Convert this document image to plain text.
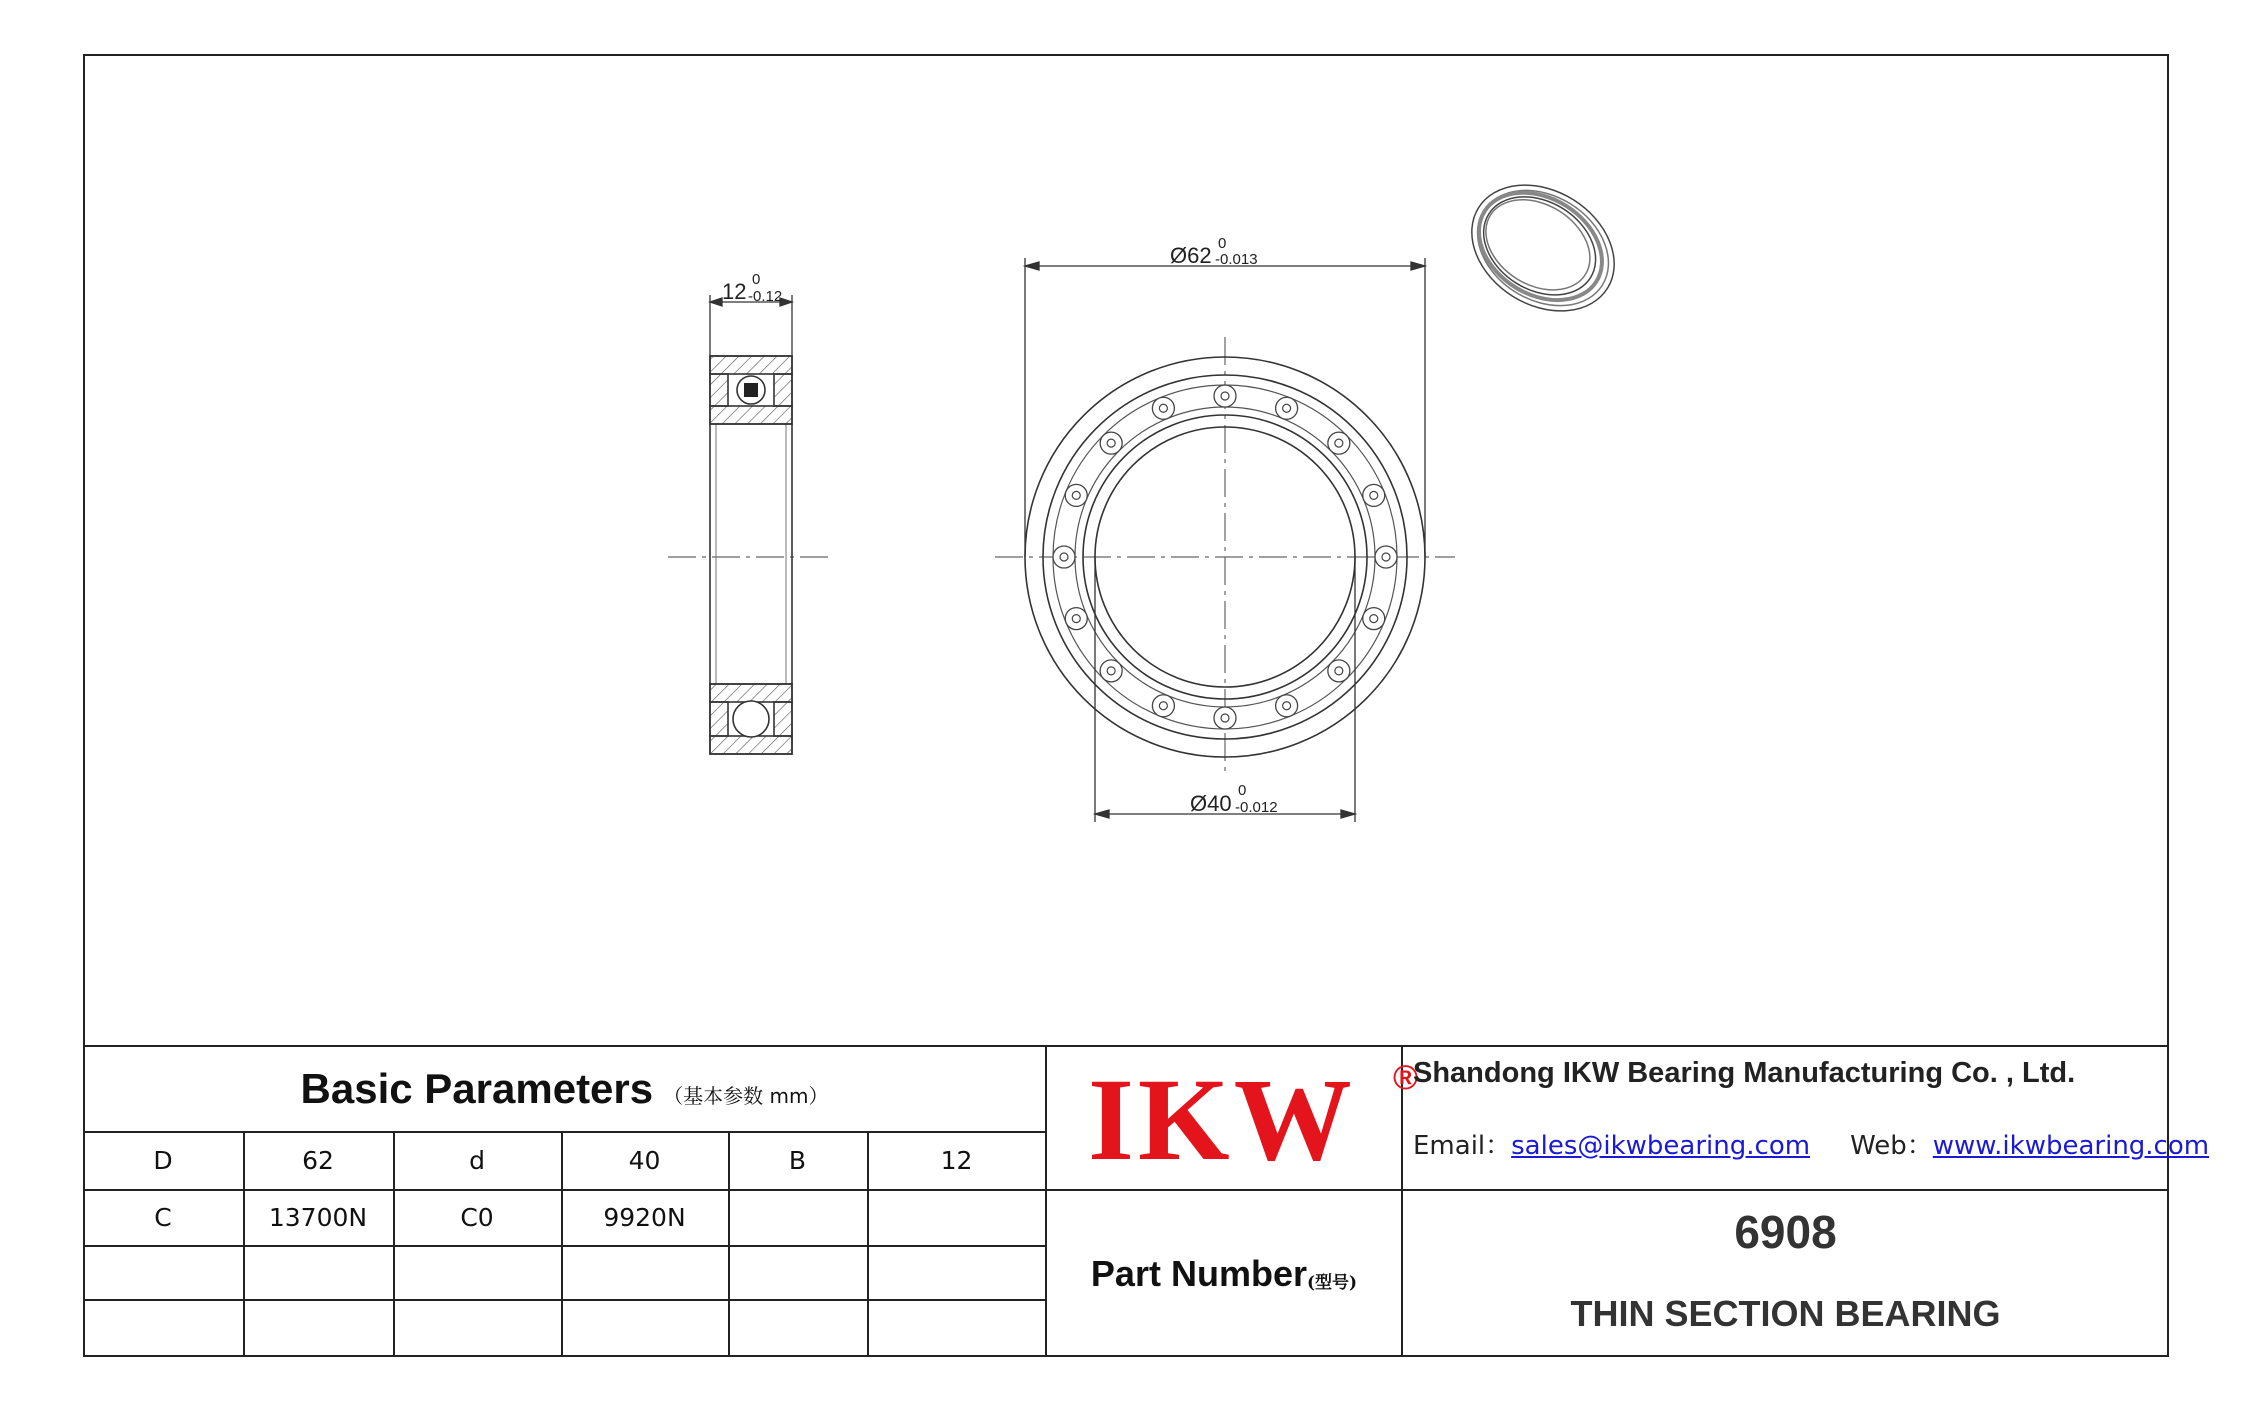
12 0
-0.12
Ø62 0
-0.013
Ø40
0
-0.012
Basic Parameters （基本参数 mm）
D	62	d	40	B	12
C	13700N	C0	9920N
IKW ®
Shandong IKW Bearing Manufacturing Co. , Ltd.
Email：sales@ikwbearing.com Web：www.ikwbearing.com
Part Number (型号)
6908
THIN SECTION BEARING
